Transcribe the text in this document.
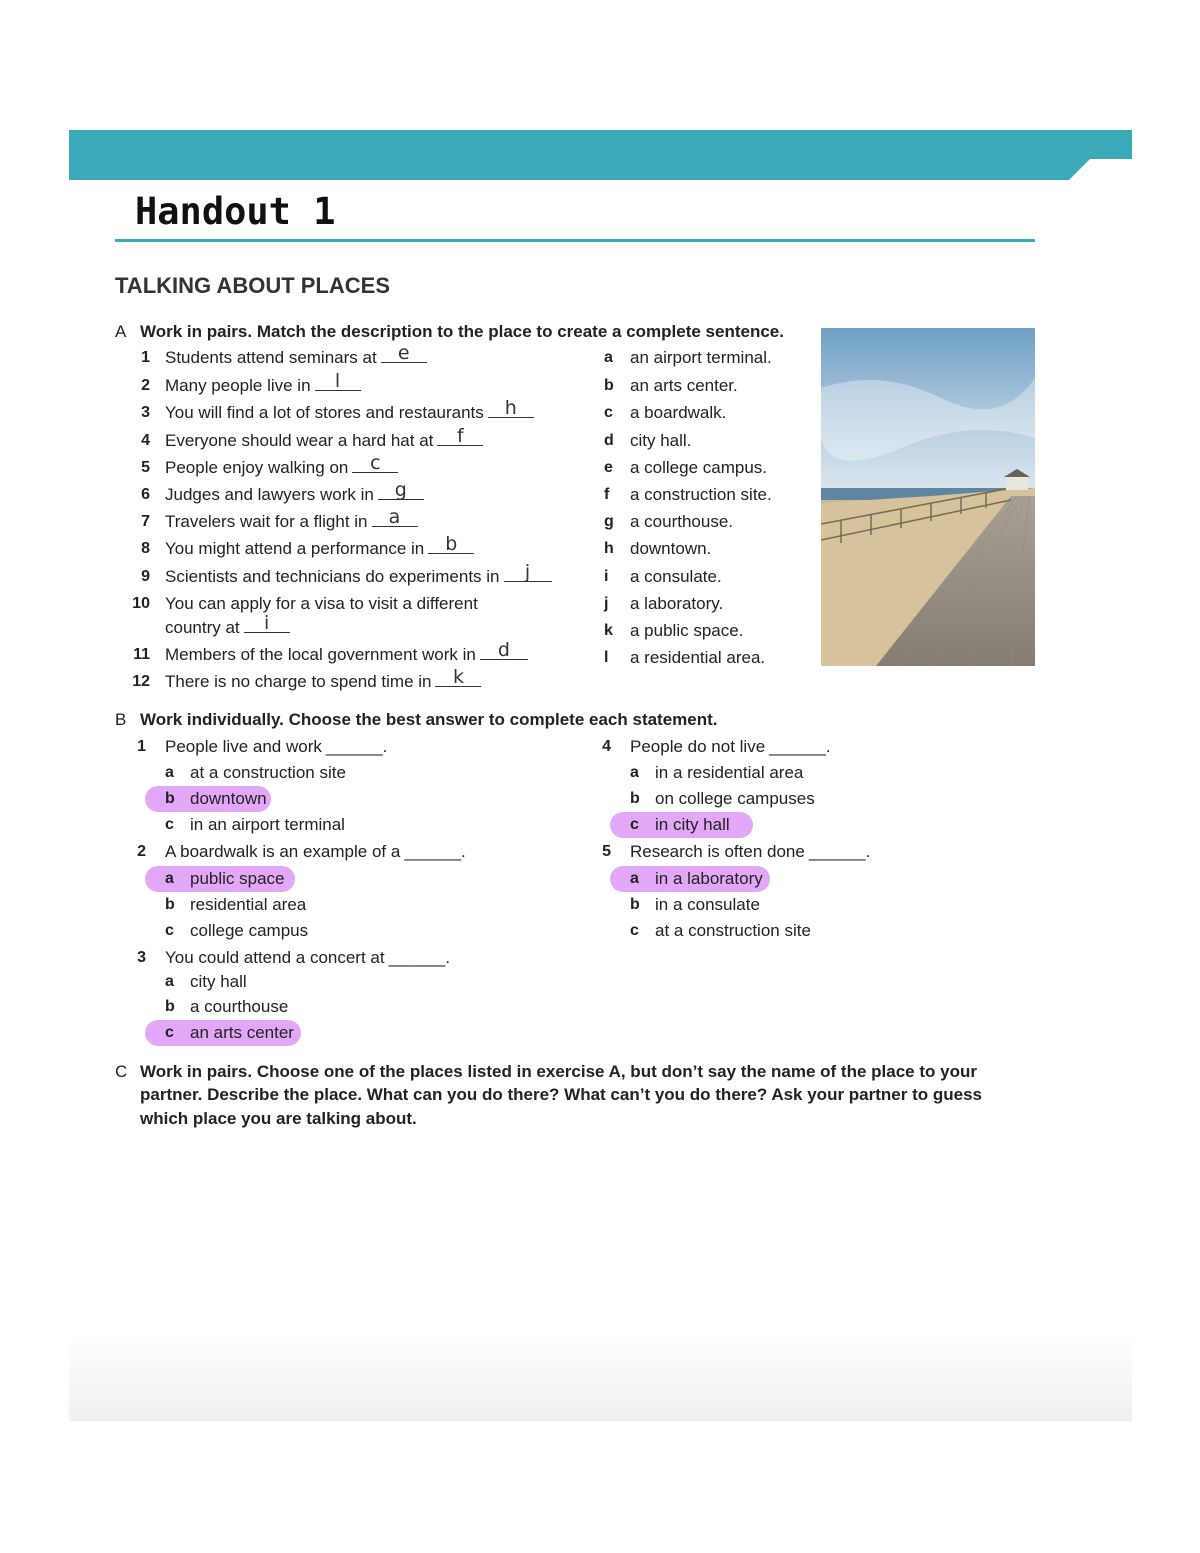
Handout 1
TALKING ABOUT PLACES
A Work in pairs. Match the description to the place to create a complete sentence.
1 Students attend seminars at	e
2 Many people live in	l
3 You will find a lot of stores and restaurants	h
4 Everyone should wear a hard hat at	f
5 People enjoy walking on	c
6 Judges and lawyers work in	g
7 Travelers wait for a flight in	a
8 You might attend a performance in	b
9 Scientists and technicians do experiments in	j
10 You can apply for a visa to visit a different
country at	i
11 Members of the local government work in	d
12 There is no charge to spend time in	k
a an airport terminal.
b an arts center.
c a boardwalk.
d city hall.
e a college campus.
f a construction site.
g a courthouse.
h downtown.
i a consulate.
j a laboratory.
k a public space.
l a residential area.
B Work individually. Choose the best answer to complete each statement.
1 People live and work ______.
a at a construction site
b downtown
c in an airport terminal
2 A boardwalk is an example of a ______.
a public space
b residential area
c college campus
3 You could attend a concert at ______.
a city hall
b a courthouse
c an arts center
4 People do not live ______.
a in a residential area
b on college campuses
c in city hall
5 Research is often done ______.
a in a laboratory
b in a consulate
c at a construction site
C Work in pairs. Choose one of the places listed in exercise A, but don’t say the name of the place to your
partner. Describe the place. What can you do there? What can’t you do there? Ask your partner to guess
which place you are talking about.
